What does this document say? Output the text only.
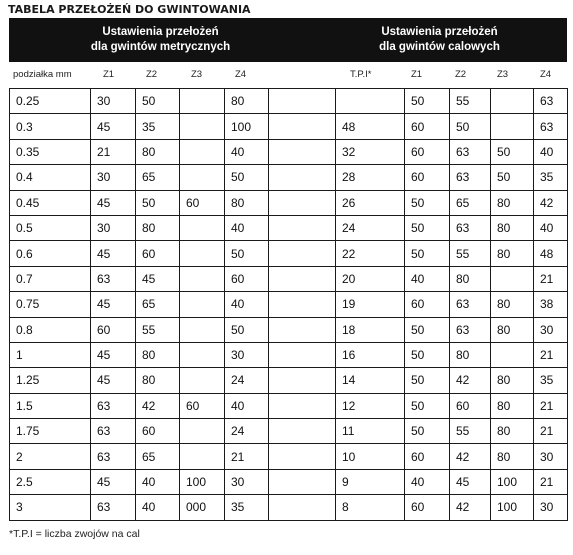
TABELA PRZEŁOŻEŃ DO GWINTOWANIA
Ustawienia przełożeń
dla gwintów metrycznych
Ustawienia przełożeń
dla gwintów calowych
podziałka mm	Z1	Z2	Z3	Z4	T.P.I*	Z1	Z2	Z3	Z4
0.25	30	50		80			50	55		63
0.3	45	35		100		48	60	50		63
0.35	21	80		40		32	60	63	50	40
0.4	30	65		50		28	60	63	50	35
0.45	45	50	60	80		26	50	65	80	42
0.5	30	80		40		24	50	63	80	40
0.6	45	60		50		22	50	55	80	48
0.7	63	45		60		20	40	80		21
0.75	45	65		40		19	60	63	80	38
0.8	60	55		50		18	50	63	80	30
1	45	80		30		16	50	80		21
1.25	45	80		24		14	50	42	80	35
1.5	63	42	60	40		12	50	60	80	21
1.75	63	60		24		11	50	55	80	21
2	63	65		21		10	60	42	80	30
2.5	45	40	100	30		9	40	45	100	21
3	63	40	000	35		8	60	42	100	30
*T.P.I = liczba zwojów na cal
